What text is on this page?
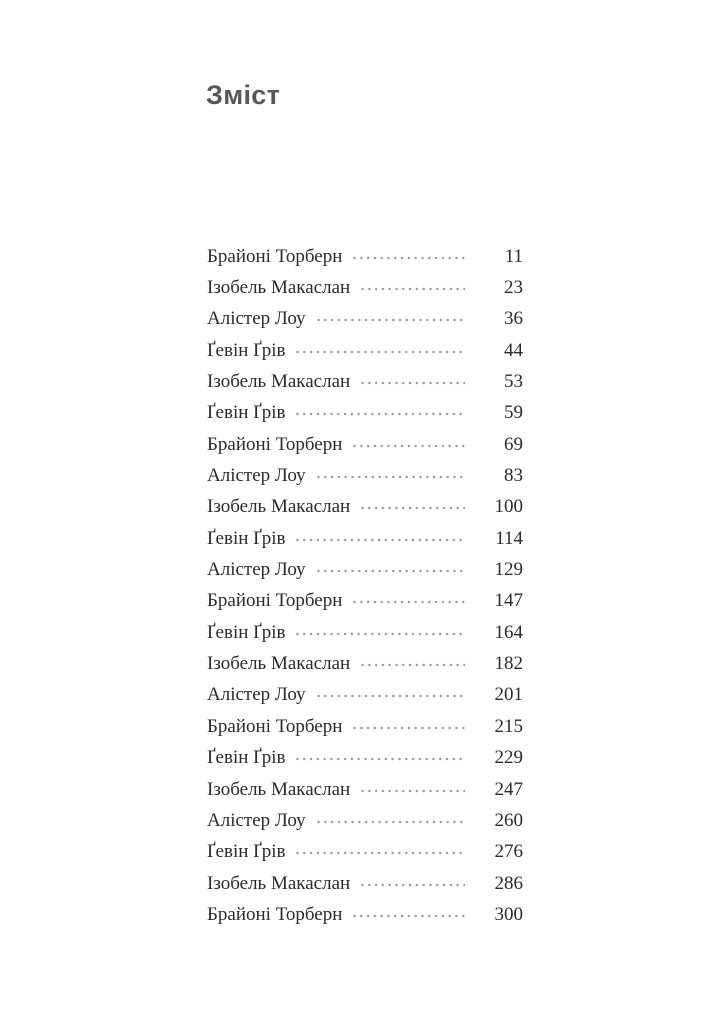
Зміст
Брайоні Торберн	11
Ізобель Макаслан	23
Алістер Лоу	36
Ґевін Ґрів	44
Ізобель Макаслан	53
Ґевін Ґрів	59
Брайоні Торберн	69
Алістер Лоу	83
Ізобель Макаслан	100
Ґевін Ґрів	114
Алістер Лоу	129
Брайоні Торберн	147
Ґевін Ґрів	164
Ізобель Макаслан	182
Алістер Лоу	201
Брайоні Торберн	215
Ґевін Ґрів	229
Ізобель Макаслан	247
Алістер Лоу	260
Ґевін Ґрів	276
Ізобель Макаслан	286
Брайоні Торберн	300
